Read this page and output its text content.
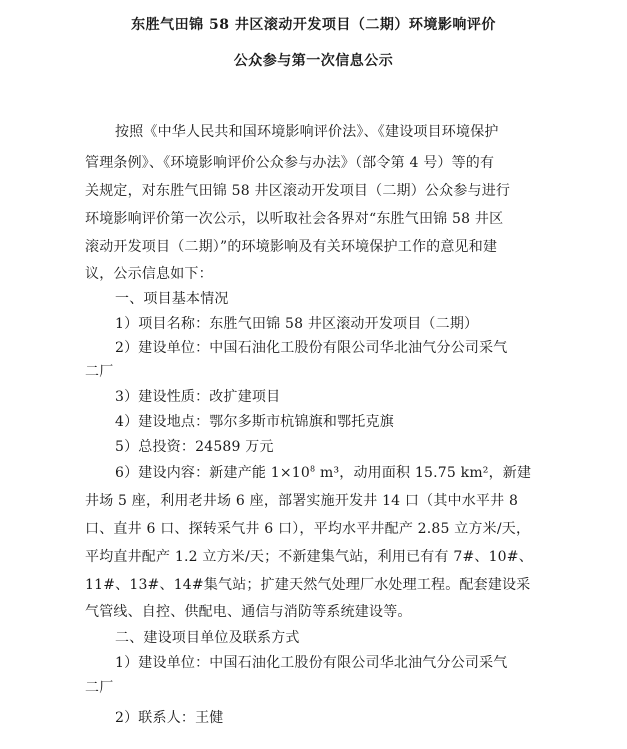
东胜气田锦 58 井区滚动开发项目（二期）环境影响评价
公众参与第一次信息公示
按照《中华人民共和国环境影响评价法》、《建设项目环境保护
管理条例》、《环境影响评价公众参与办法》（部令第 4 号）等的有
关规定，对东胜气田锦 58 井区滚动开发项目（二期）公众参与进行
环境影响评价第一次公示，以听取社会各界对“东胜气田锦 58 井区
滚动开发项目（二期）”的环境影响及有关环境保护工作的意见和建
议，公示信息如下：
一、项目基本情况
1）项目名称：东胜气田锦 58 井区滚动开发项目（二期）
2）建设单位：中国石油化工股份有限公司华北油气分公司采气
二厂
3）建设性质：改扩建项目
4）建设地点：鄂尔多斯市杭锦旗和鄂托克旗
5）总投资：24589 万元
6）建设内容：新建产能 $1\times 10^8$ m³，动用面积 15.75 km²，新建
井场 5 座，利用老井场 6 座，部署实施开发井 14 口（其中水平井 8
口、直井 6 口、探转采气井 6 口），平均水平井配产 2.85 立方米/天，
平均直井配产 1.2 立方米/天；不新建集气站，利用已有有 7#、10#、
11#、13#、14#集气站；扩建天然气处理厂水处理工程。配套建设采
气管线、自控、供配电、通信与消防等系统建设等。
二、建设项目单位及联系方式
1）建设单位：中国石油化工股份有限公司华北油气分公司采气
二厂
2）联系人：王健
